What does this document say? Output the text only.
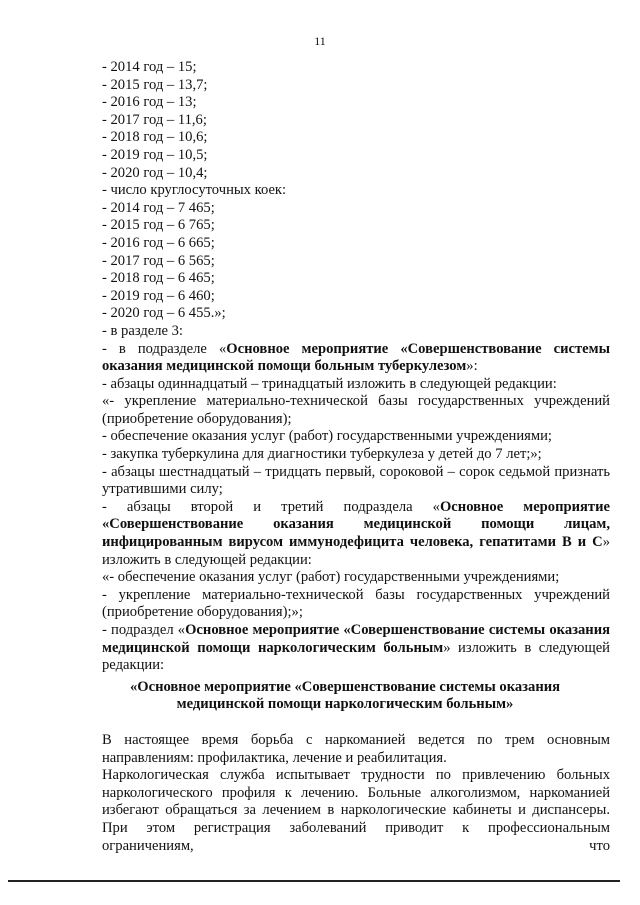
11
- 2014 год – 15;
- 2015 год – 13,7;
- 2016 год – 13;
- 2017 год – 11,6;
- 2018 год – 10,6;
- 2019 год – 10,5;
- 2020 год – 10,4;
- число круглосуточных коек:
- 2014 год – 7 465;
- 2015 год – 6 765;
- 2016 год – 6 665;
- 2017 год – 6 565;
- 2018 год – 6 465;
- 2019 год – 6 460;
- 2020 год – 6 455.»;
- в разделе 3:
- в подразделе «Основное мероприятие «Совершенствование системы оказания медицинской помощи больным туберкулезом»:
- абзацы одиннадцатый – тринадцатый изложить в следующей редакции:
«- укрепление материально-технической базы государственных учреждений (приобретение оборудования);
- обеспечение оказания услуг (работ) государственными учреждениями;
- закупка туберкулина для диагностики туберкулеза у детей до 7 лет;»;
- абзацы шестнадцатый – тридцать первый, сороковой – сорок седьмой признать утратившими силу;
- абзацы второй и третий подраздела «Основное мероприятие «Совершенствование оказания медицинской помощи лицам, инфицированным вирусом иммунодефицита человека, гепатитами В и С» изложить в следующей редакции:
«- обеспечение оказания услуг (работ) государственными учреждениями;
- укрепление материально-технической базы государственных учреждений (приобретение оборудования);»;
- подраздел «Основное мероприятие «Совершенствование системы оказания медицинской помощи наркологическим больным» изложить в следующей редакции:
«Основное мероприятие «Совершенствование системы оказания
медицинской помощи наркологическим больным»
В настоящее время борьба с наркоманией ведется по трем основным направлениям: профилактика, лечение и реабилитация.
Наркологическая служба испытывает трудности по привлечению больных наркологического профиля к лечению. Больные алкоголизмом, наркоманией избегают обращаться за лечением в наркологические кабинеты и диспансеры. При этом регистрация заболеваний приводит к профессиональным ограничениям, что
